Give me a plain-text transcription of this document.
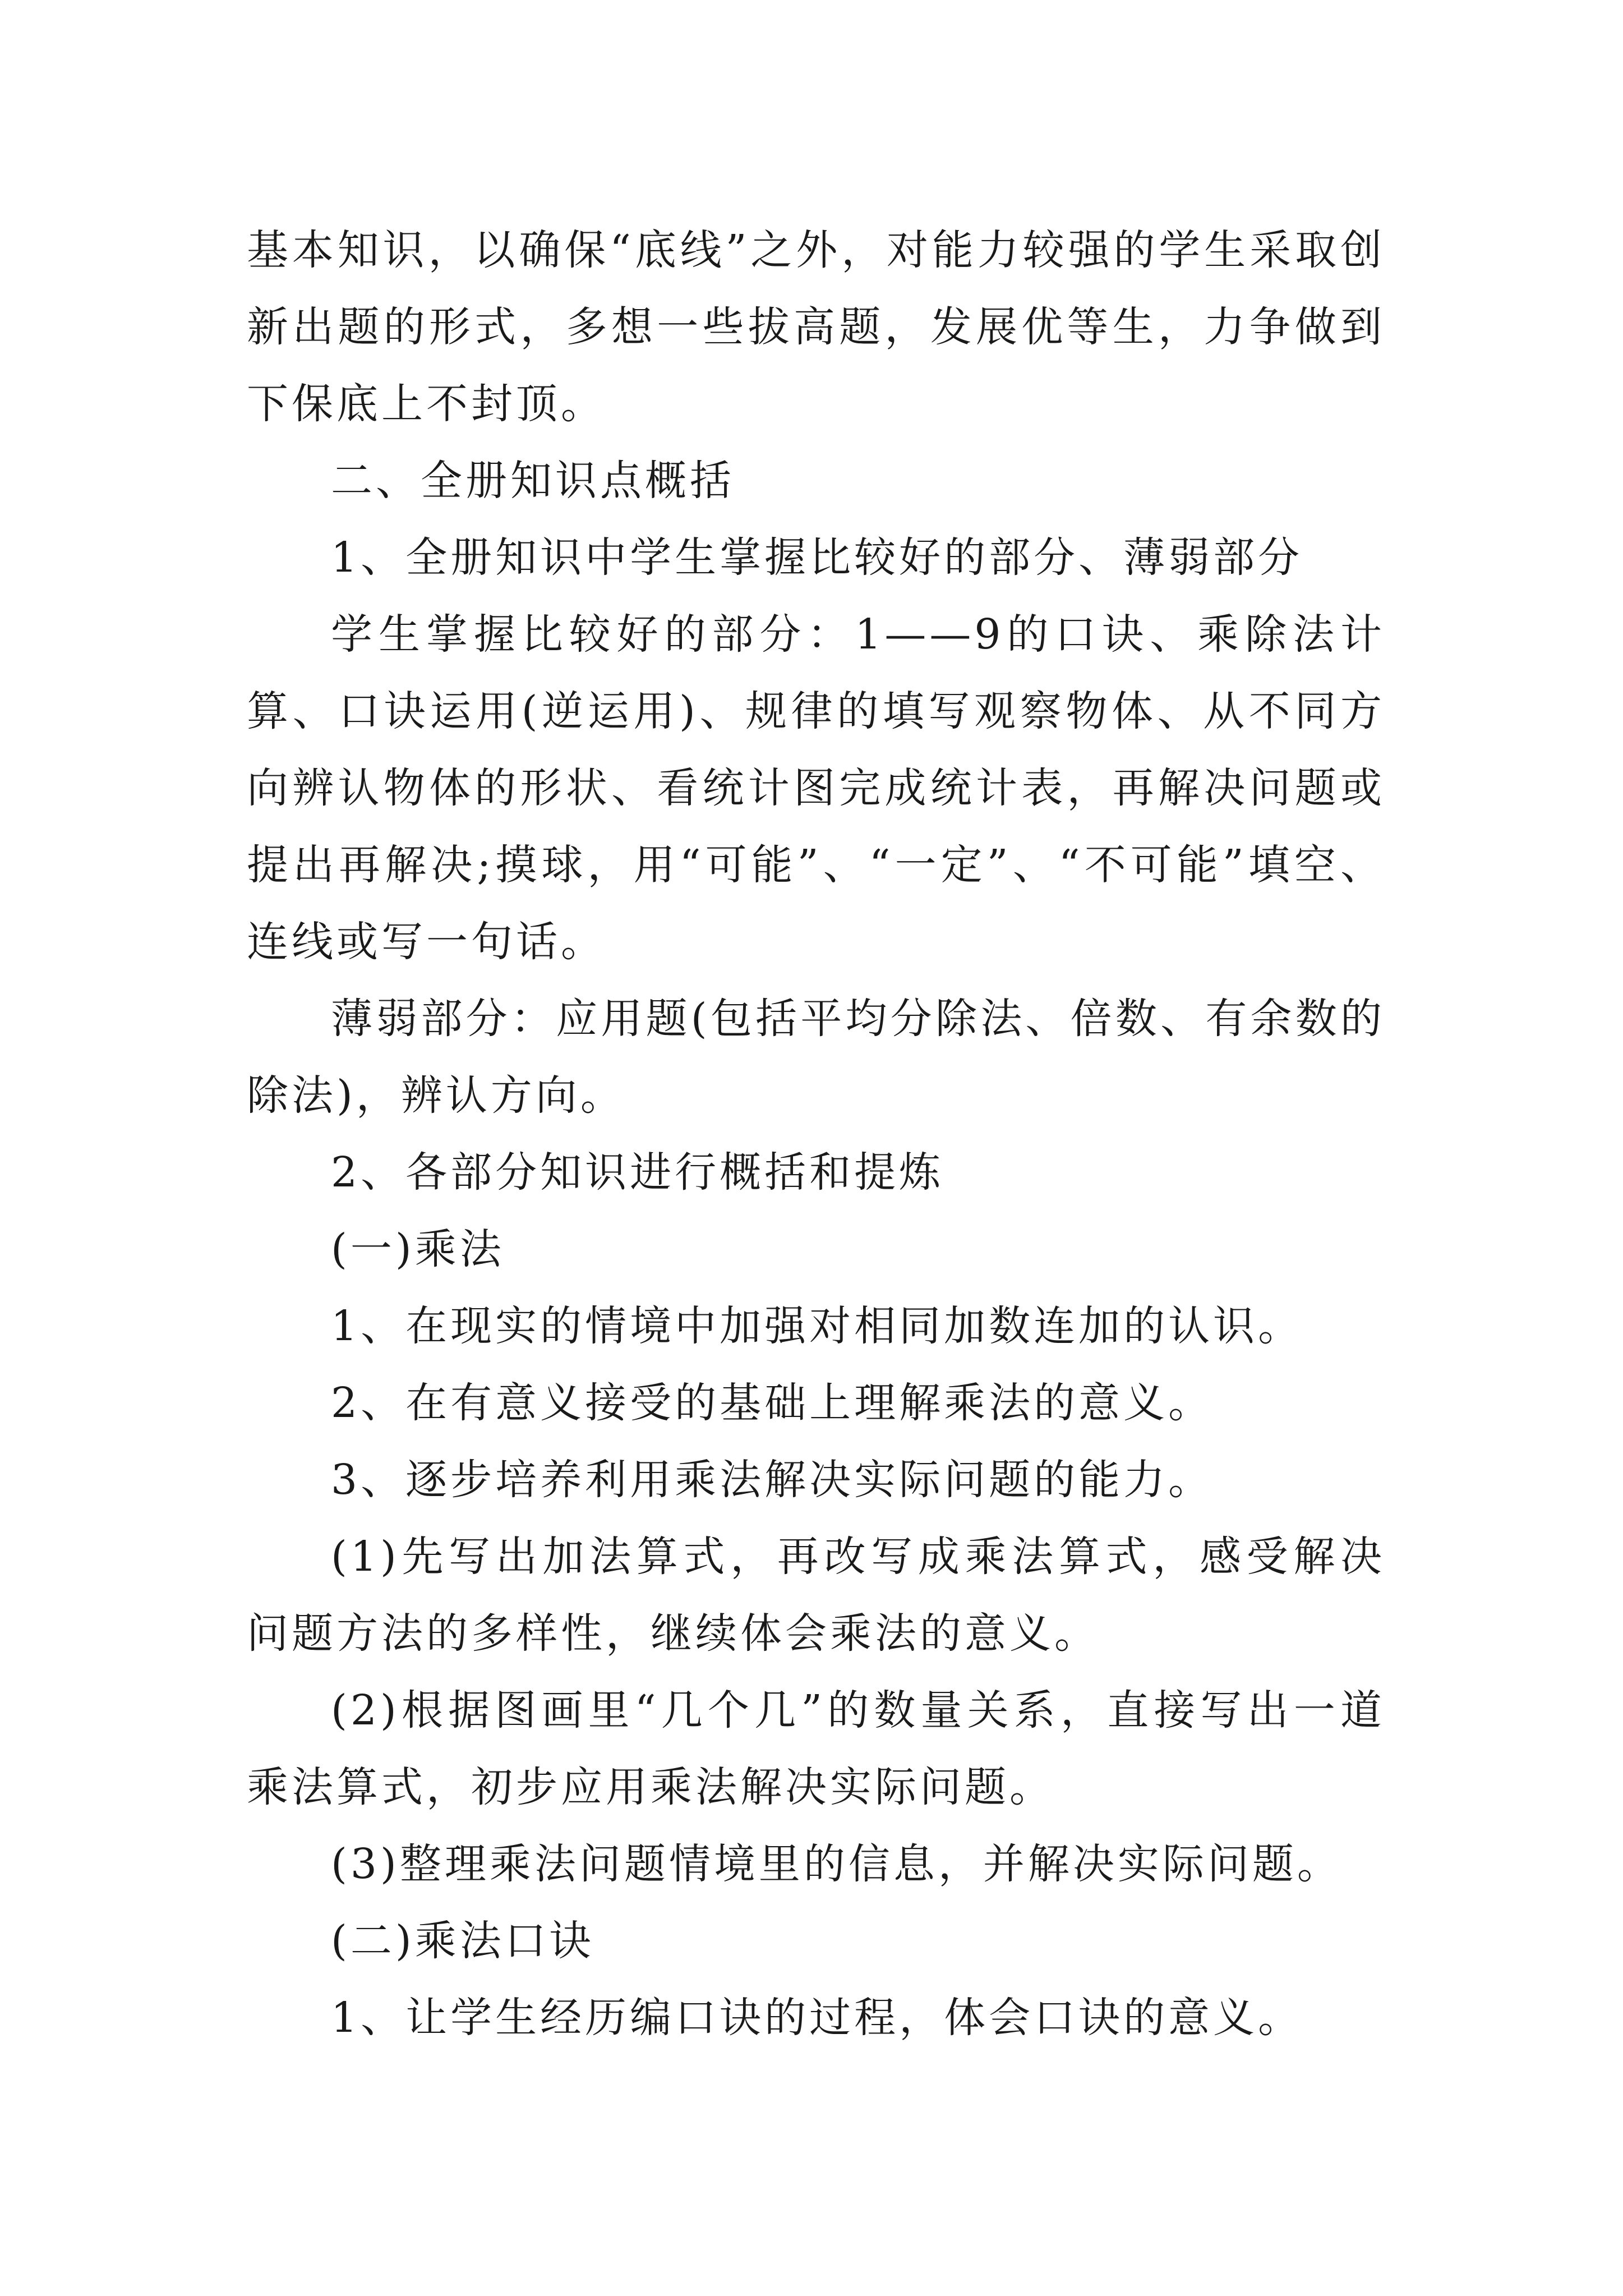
基本知识，以确保“底线”之外，对能力较强的学生采取创新出题的形式，多想一些拔高题，发展优等生，力争做到下保底上不封顶。

二、全册知识点概括

1、全册知识中学生掌握比较好的部分、薄弱部分

学生掌握比较好的部分：1——9的口诀、乘除法计算、口诀运用(逆运用)、规律的填写观察物体、从不同方向辨认物体的形状、看统计图完成统计表，再解决问题或提出再解决;摸球，用“可能”、“一定”、“不可能”填空、连线或写一句话。

薄弱部分：应用题(包括平均分除法、倍数、有余数的除法)，辨认方向。

2、各部分知识进行概括和提炼

(一)乘法

1、在现实的情境中加强对相同加数连加的认识。

2、在有意义接受的基础上理解乘法的意义。

3、逐步培养利用乘法解决实际问题的能力。

(1)先写出加法算式，再改写成乘法算式，感受解决问题方法的多样性，继续体会乘法的意义。

(2)根据图画里“几个几”的数量关系，直接写出一道乘法算式，初步应用乘法解决实际问题。

(3)整理乘法问题情境里的信息，并解决实际问题。

(二)乘法口诀

1、让学生经历编口诀的过程，体会口诀的意义。
